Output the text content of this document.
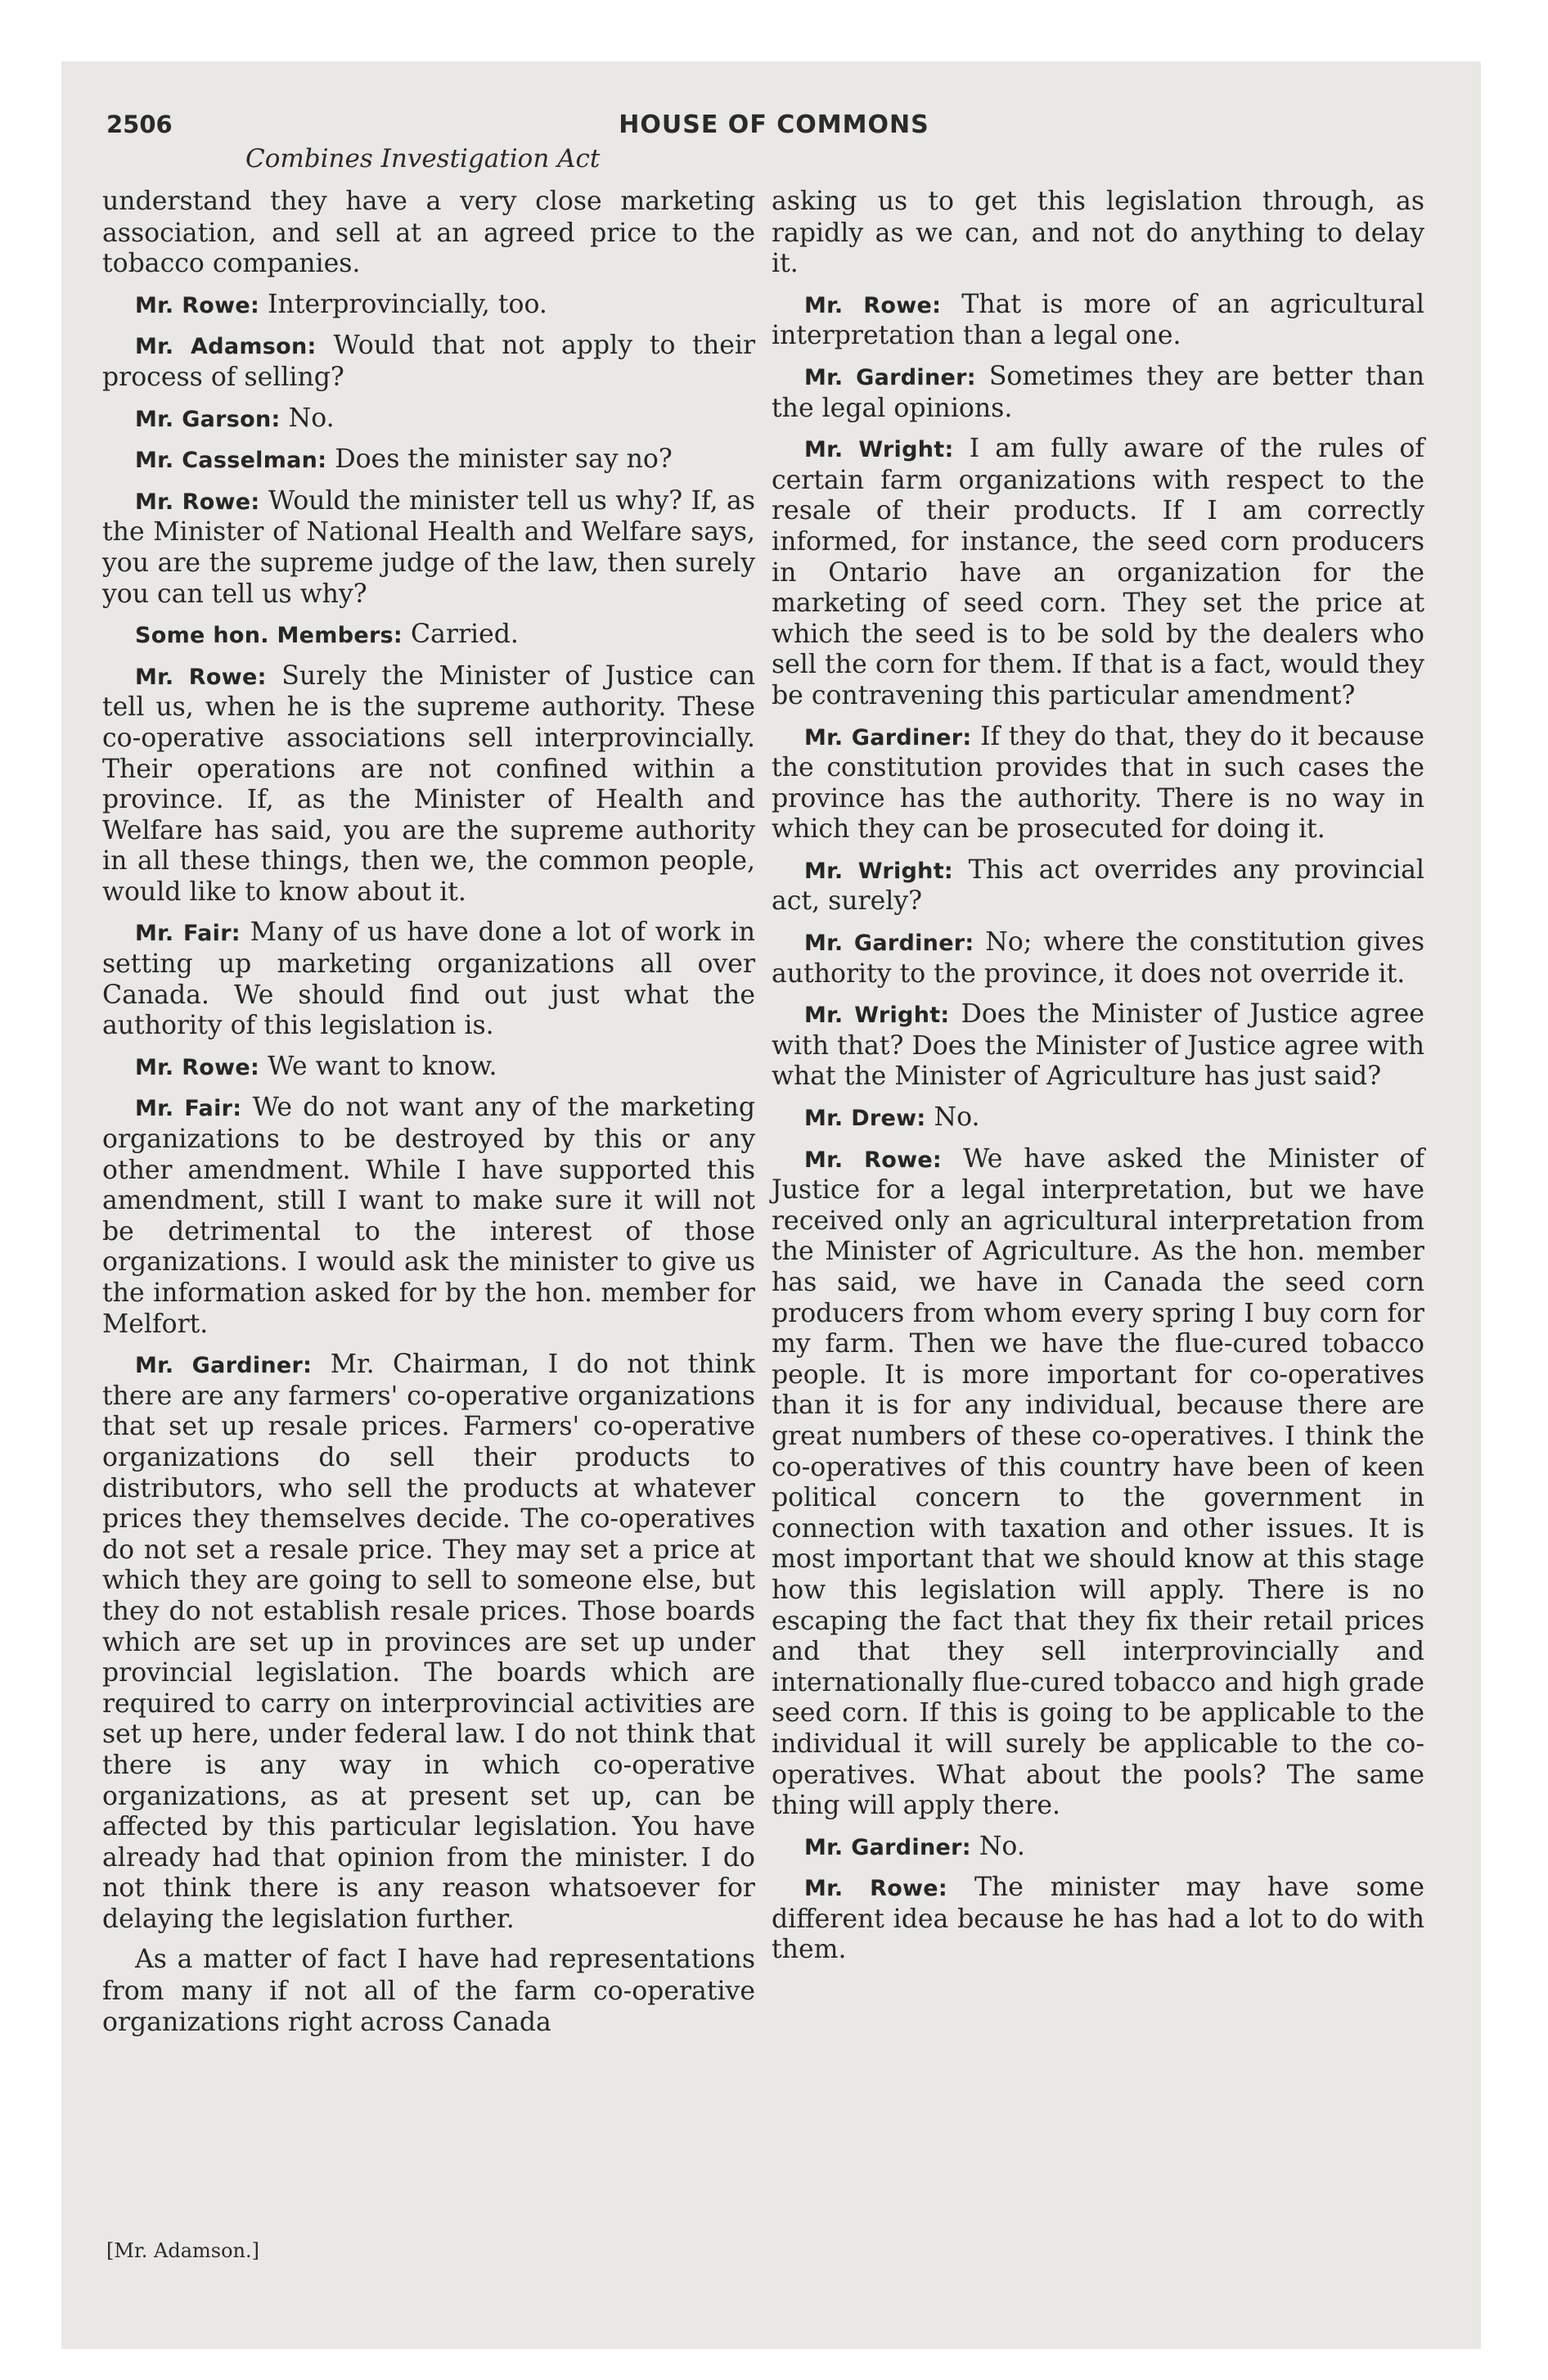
2506	HOUSE OF COMMONS
Combines Investigation Act

understand they have a very close marketing association, and sell at an agreed price to the tobacco companies.

Mr. Rowe: Interprovincially, too.

Mr. Adamson: Would that not apply to their process of selling?

Mr. Garson: No.

Mr. Casselman: Does the minister say no?

Mr. Rowe: Would the minister tell us why? If, as the Minister of National Health and Welfare says, you are the supreme judge of the law, then surely you can tell us why?

Some hon. Members: Carried.

Mr. Rowe: Surely the Minister of Justice can tell us, when he is the supreme authority. These co-operative associations sell interprovincially. Their operations are not confined within a province. If, as the Minister of Health and Welfare has said, you are the supreme authority in all these things, then we, the common people, would like to know about it.

Mr. Fair: Many of us have done a lot of work in setting up marketing organizations all over Canada. We should find out just what the authority of this legislation is.

Mr. Rowe: We want to know.

Mr. Fair: We do not want any of the marketing organizations to be destroyed by this or any other amendment. While I have supported this amendment, still I want to make sure it will not be detrimental to the interest of those organizations. I would ask the minister to give us the information asked for by the hon. member for Melfort.

Mr. Gardiner: Mr. Chairman, I do not think there are any farmers' co-operative organizations that set up resale prices. Farmers' co-operative organizations do sell their products to distributors, who sell the products at whatever prices they themselves decide. The co-operatives do not set a resale price. They may set a price at which they are going to sell to someone else, but they do not establish resale prices. Those boards which are set up in provinces are set up under provincial legislation. The boards which are required to carry on interprovincial activities are set up here, under federal law. I do not think that there is any way in which co-operative organizations, as at present set up, can be affected by this particular legislation. You have already had that opinion from the minister. I do not think there is any reason whatsoever for delaying the legislation further.

As a matter of fact I have had representations from many if not all of the farm co-operative organizations right across Canada

asking us to get this legislation through, as rapidly as we can, and not do anything to delay it.

Mr. Rowe: That is more of an agricultural interpretation than a legal one.

Mr. Gardiner: Sometimes they are better than the legal opinions.

Mr. Wright: I am fully aware of the rules of certain farm organizations with respect to the resale of their products. If I am correctly informed, for instance, the seed corn producers in Ontario have an organization for the marketing of seed corn. They set the price at which the seed is to be sold by the dealers who sell the corn for them. If that is a fact, would they be contravening this particular amendment?

Mr. Gardiner: If they do that, they do it because the constitution provides that in such cases the province has the authority. There is no way in which they can be prosecuted for doing it.

Mr. Wright: This act overrides any provincial act, surely?

Mr. Gardiner: No; where the constitution gives authority to the province, it does not override it.

Mr. Wright: Does the Minister of Justice agree with that? Does the Minister of Justice agree with what the Minister of Agriculture has just said?

Mr. Drew: No.

Mr. Rowe: We have asked the Minister of Justice for a legal interpretation, but we have received only an agricultural interpretation from the Minister of Agriculture. As the hon. member has said, we have in Canada the seed corn producers from whom every spring I buy corn for my farm. Then we have the flue-cured tobacco people. It is more important for co-operatives than it is for any individual, because there are great numbers of these co-operatives. I think the co-operatives of this country have been of keen political concern to the government in connection with taxation and other issues. It is most important that we should know at this stage how this legislation will apply. There is no escaping the fact that they fix their retail prices and that they sell interprovincially and internationally flue-cured tobacco and high grade seed corn. If this is going to be applicable to the individual it will surely be applicable to the co-operatives. What about the pools? The same thing will apply there.

Mr. Gardiner: No.

Mr. Rowe: The minister may have some different idea because he has had a lot to do with them.

[Mr. Adamson.]
